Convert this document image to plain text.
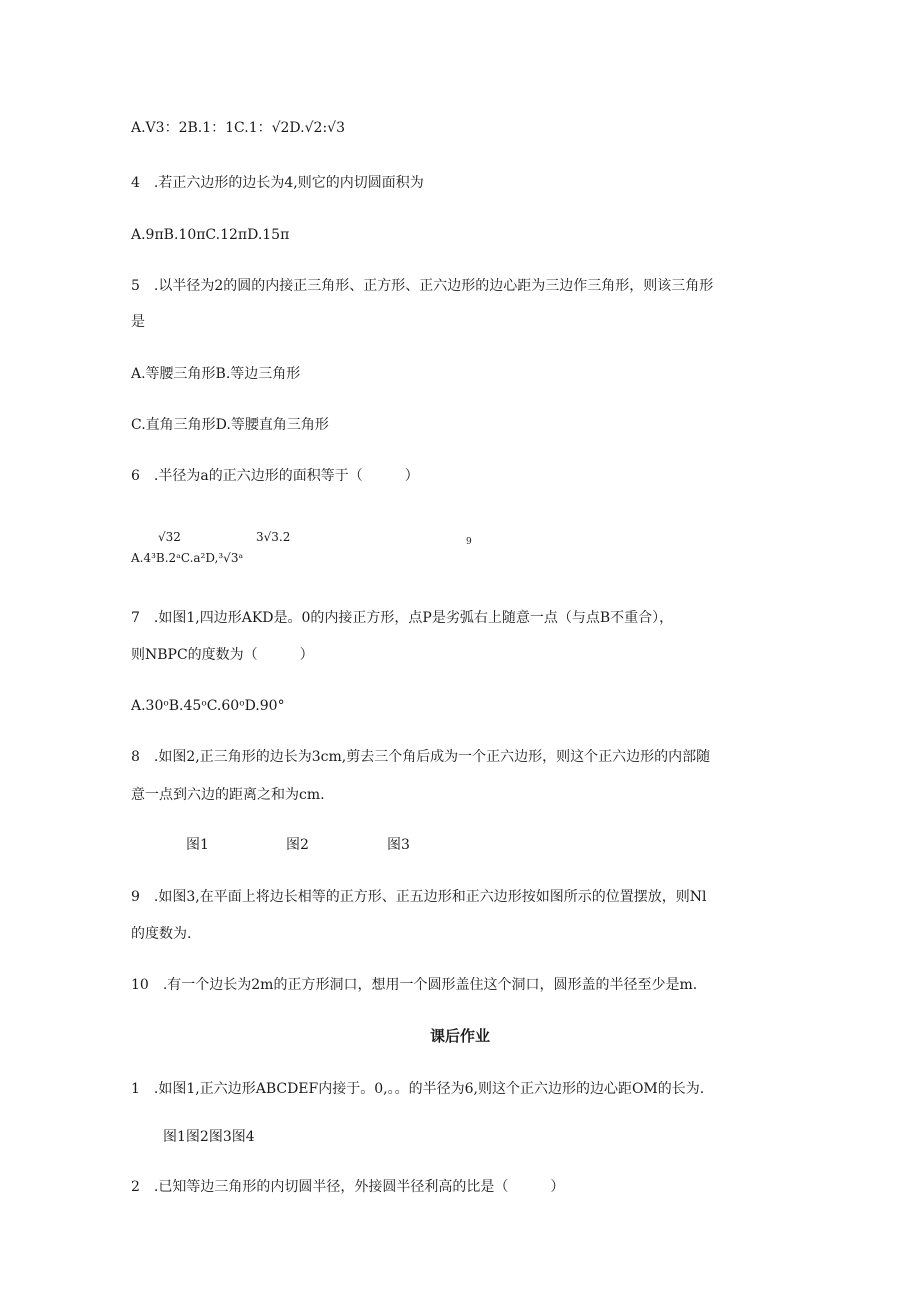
A.V3：2B.1：1C.1：√2D.√2:√3
4　.若正六边形的边长为4,则它的内切圆面积为
A.9πB.10πC.12πD.15π
5　.以半径为2的圆的内接正三角形、正方形、正六边形的边心距为三边作三角形，则该三角形
是
A.等腰三角形B.等边三角形
C.直角三角形D.等腰直角三角形
6　.半径为a的正六边形的面积等于（　　　）
√32	3√3.2	9
A.4³B.2ᵃC.a²D,³√3ᵃ
7　.如图1,四边形AKD是。0的内接正方形，点P是劣弧右上随意一点（与点B不重合），
则NBPC的度数为（　　　）
A.30ᵒB.45ᵒC.60ᵒD.90°
8　.如图2,正三角形的边长为3cm,剪去三个角后成为一个正六边形，则这个正六边形的内部随
意一点到六边的距离之和为cm.
图1	图2	图3
9　.如图3,在平面上将边长相等的正方形、正五边形和正六边形按如图所示的位置摆放，则Nl
的度数为.
10　.有一个边长为2m的正方形洞口，想用一个圆形盖住这个洞口，圆形盖的半径至少是m.
课后作业
1　.如图1,正六边形ABCDEF内接于。0,。。的半径为6,则这个正六边形的边心距OM的长为.
图1图2图3图4
2　.已知等边三角形的内切圆半径，外接圆半径利高的比是（　　　）
